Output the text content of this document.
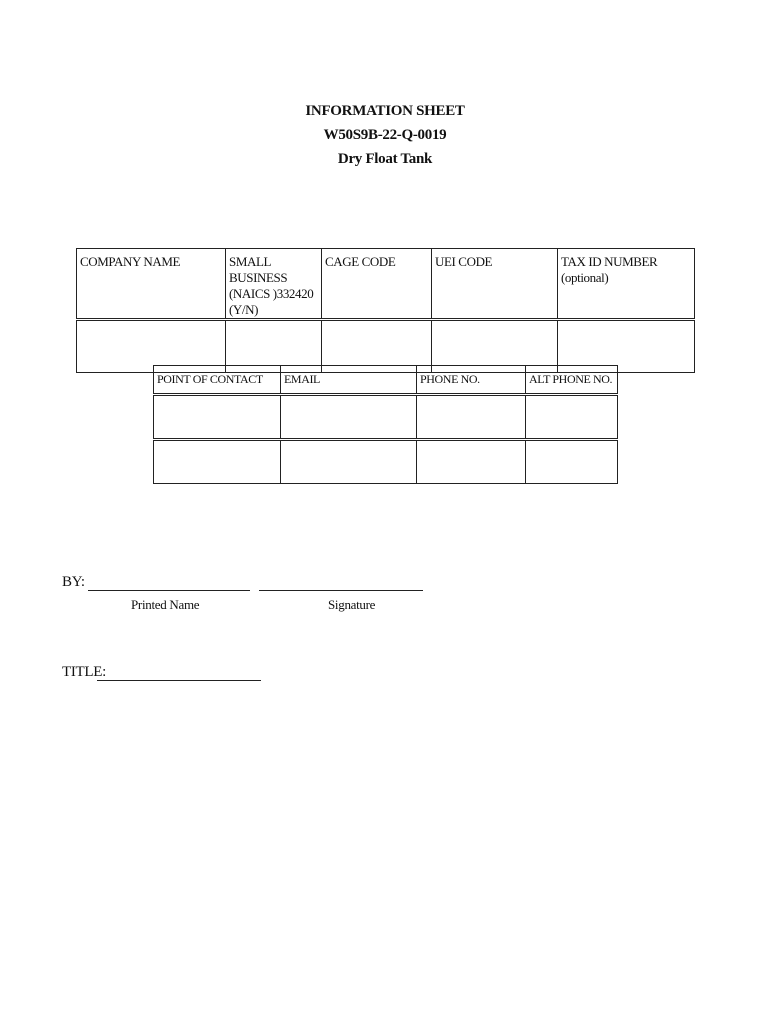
INFORMATION SHEET
W50S9B-22-Q-0019
Dry Float Tank
COMPANY NAME	SMALL BUSINESS (NAICS )332420 (Y/N)	CAGE CODE	UEI CODE	TAX ID NUMBER (optional)

POINT OF CONTACT	EMAIL	PHONE NO.	ALT PHONE NO.

BY:
Printed Name	Signature
TITLE:
